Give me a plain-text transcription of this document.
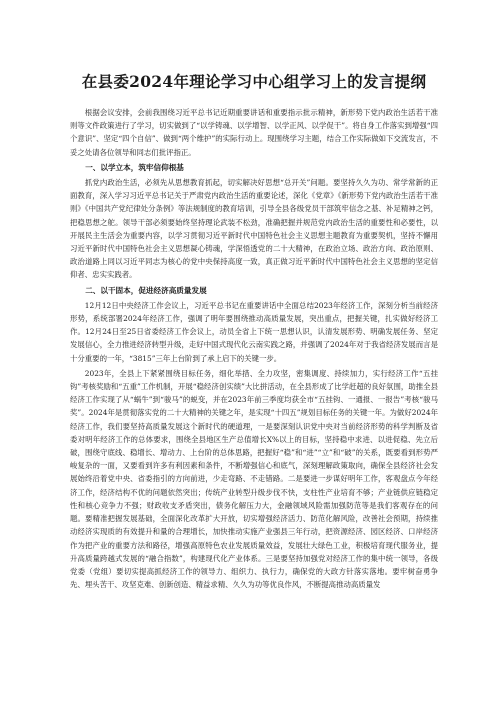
在县委2024年理论学习中心组学习上的发言提纲

根据会议安排，会前我围绕习近平总书记近期重要讲话和重要指示批示精神，新形势下党内政治生活若干准则等文件政策进行了学习，切实做到了“以学铸魂、以学增智、以学正风、以学促干”。将自身工作落实到增强“四个意识”、坚定“四个自信”、做到“两个维护”的实际行动上。现围绕学习主题，结合工作实际做如下交流发言，不妥之处请各位领导和同志们批评指正。

一、以学立本，筑牢信仰根基

抓党内政治生活，必须先从思想教育抓起，切实解决好思想“总开关”问题。要坚持久久为功、常学常新的正面教育，深入学习习近平总书记关于严肃党内政治生活的重要论述，深化《党章》《新形势下党内政治生活若干准则》《中国共产党纪律处分条例》等法规制度的教育培训，引导全县各级党员干部筑牢信念之基、补足精神之钙，把稳思想之舵。领导干部必须要始终坚持理论武装不松劲，准确把握并规范党内政治生活的重要性和必要性，以开展民主生活会为重要内容，以学习贯彻习近平新时代中国特色社会主义思想主题教育为重要契机，坚持不懈用习近平新时代中国特色社会主义思想凝心铸魂，学深悟透党的二十大精神，在政治立场、政治方向、政治原则、政治道路上同以习近平同志为核心的党中央保持高度一致，真正做习近平新时代中国特色社会主义思想的坚定信仰者、忠实实践者。

二、以干固本，促进经济高质量发展

12月12日中央经济工作会议上，习近平总书记在重要讲话中全面总结2023年经济工作，深刻分析当前经济形势，系统部署2024年经济工作，强调了明年要围绕推动高质量发展，突出重点，把握关键，扎实做好经济工作。12月24日至25日省委经济工作会议上，动员全省上下统一思想认识，认清发展形势、明确发展任务、坚定发展信心，全力推进经济转型升级，走好中国式现代化云南实践之路，并强调了2024年对于我省经济发展而言是十分重要的一年，“3815”三年上台阶到了承上启下的关键一步。

2023年，全县上下紧紧围绕目标任务，细化举措、全力攻坚，密集调度、持续加力，实行经济工作“五挂钩”考核奖励和“五重”工作机制，开展“稳经济创实绩”大比拼活动，在全县形成了比学赶超的良好氛围，助推全县经济工作实现了从“蜗牛”到“骏马”的蜕变，并在2023年前三季度均获全市“五挂钩、一通报、一报告”考核“骏马奖”。2024年是贯彻落实党的二十大精神的关键之年，是实现“十四五”规划目标任务的关键一年。为做好2024年经济工作，我们要坚持高质量发展这个新时代的硬道理，一是要深刻认识党中央对当前经济形势的科学判断及省委对明年经济工作的总体要求，围绕全县地区生产总值增长X%以上的目标，坚持稳中求进、以进促稳、先立后破，围绕守底线、稳增长、增动力、上台阶的总体思路，把握好“稳”和“进”“立”和“破”的关系，既要看到形势严峻复杂的一面，又要看到许多有利因素和条件，不断增强信心和底气，深刻理解政策取向，确保全县经济社会发展始终沿着党中央、省委指引的方向前进，少走弯路、不走错路。二是要进一步谋好明年工作，客观盘点今年经济工作，经济结构不优的问题依然突出；传统产业转型升级步伐不快，支柱性产业培育不够；产业链供应链稳定性和核心竞争力不强；财政收支矛盾突出，债务化解压力大，金融领域风险需加强防范等是我们客观存在的问题。要精准把握发展基础，全面深化改革扩大开放，切实增强经济活力、防范化解风险，改善社会预期，持续推动经济实现质的有效提升和量的合理增长，加快推动实施产业强县三年行动，把资源经济、园区经济、口岸经济作为把产业的重要方法和路径，增强高原特色农业发展质量效益，发展壮大绿色工业，积极培育现代服务业，提升高质量跨越式发展的“融合指数”，构建现代化产业体系。三是要坚持加强党对经济工作的集中统一领导，各级党委（党组）要切实提高抓经济工作的领导力、组织力、执行力，确保党的大政方针落实落地。要牢树奋勇争先、埋头苦干、攻坚克难、创新创造、精益求精、久久为功等优良作风，不断提高推动高质量发
